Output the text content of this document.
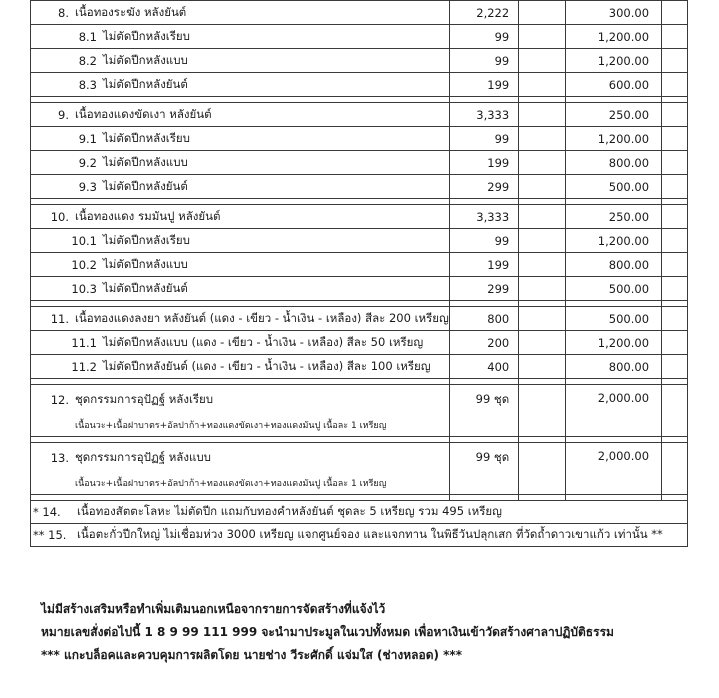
8. เนื้อทองระฆัง หลังยันต์	2,222		300.00	

8.1 ไม่ตัดปีกหลังเรียบ	99		1,200.00	

8.2 ไม่ตัดปีกหลังแบบ	99		1,200.00	

8.3 ไม่ตัดปีกหลังยันต์	199		600.00	

9. เนื้อทองแดงขัดเงา หลังยันต์	3,333		250.00	

9.1 ไม่ตัดปีกหลังเรียบ	99		1,200.00	

9.2 ไม่ตัดปีกหลังแบบ	199		800.00	

9.3 ไม่ตัดปีกหลังยันต์	299		500.00	

10. เนื้อทองแดง รมมันปู หลังยันต์	3,333		250.00	

10.1 ไม่ตัดปีกหลังเรียบ	99		1,200.00	

10.2 ไม่ตัดปีกหลังแบบ	199		800.00	

10.3 ไม่ตัดปีกหลังยันต์	299		500.00	

11. เนื้อทองแดงลงยา หลังยันต์ (แดง - เขียว - น้ำเงิน - เหลือง) สีละ 200 เหรียญ	800		500.00	

11.1 ไม่ตัดปีกหลังแบบ (แดง - เขียว - น้ำเงิน - เหลือง) สีละ 50 เหรียญ	200		1,200.00	

11.2 ไม่ตัดปีกหลังยันต์ (แดง - เขียว - น้ำเงิน - เหลือง) สีละ 100 เหรียญ	400		800.00	

12. ชุดกรรมการอุปัฏฐ์ หลังเรียบ
เนื้อนวะ+เนื้อฝาบาตร+อัลปาก้า+ทองแดงขัดเงา+ทองแดงมันปู เนื้อละ 1 เหรียญ	99 ชุด		2,000.00	

13. ชุดกรรมการอุปัฏฐ์ หลังแบบ
เนื้อนวะ+เนื้อฝาบาตร+อัลปาก้า+ทองแดงขัดเงา+ทองแดงมันปู เนื้อละ 1 เหรียญ	99 ชุด		2,000.00	

* 14. เนื้อทองสัตตะโลหะ ไม่ตัดปีก แถมกับทองคำหลังยันต์ ชุดละ 5 เหรียญ รวม 495 เหรียญ				

** 15. เนื้อตะกั่วปีกใหญ่ ไม่เชื่อมห่วง 3000 เหรียญ แจกศูนย์จอง และแจกทาน ในพิธีวันปลุกเสก ที่วัดถ้ำดาวเขาแก้ว เท่านั้น **				
ไม่มีสร้างเสริมหรือทำเพิ่มเติมนอกเหนือจากรายการจัดสร้างที่แจ้งไว้
หมายเลขสั่งต่อไปนี้ 1 8 9 99 111 999 จะนำมาประมูลในเวปทั้งหมด เพื่อหาเงินเข้าวัดสร้างศาลาปฏิบัติธรรม
*** แกะบล็อคและควบคุมการผลิตโดย นายช่าง วีระศักดิ์ แจ่มใส (ช่างหลอด) ***
